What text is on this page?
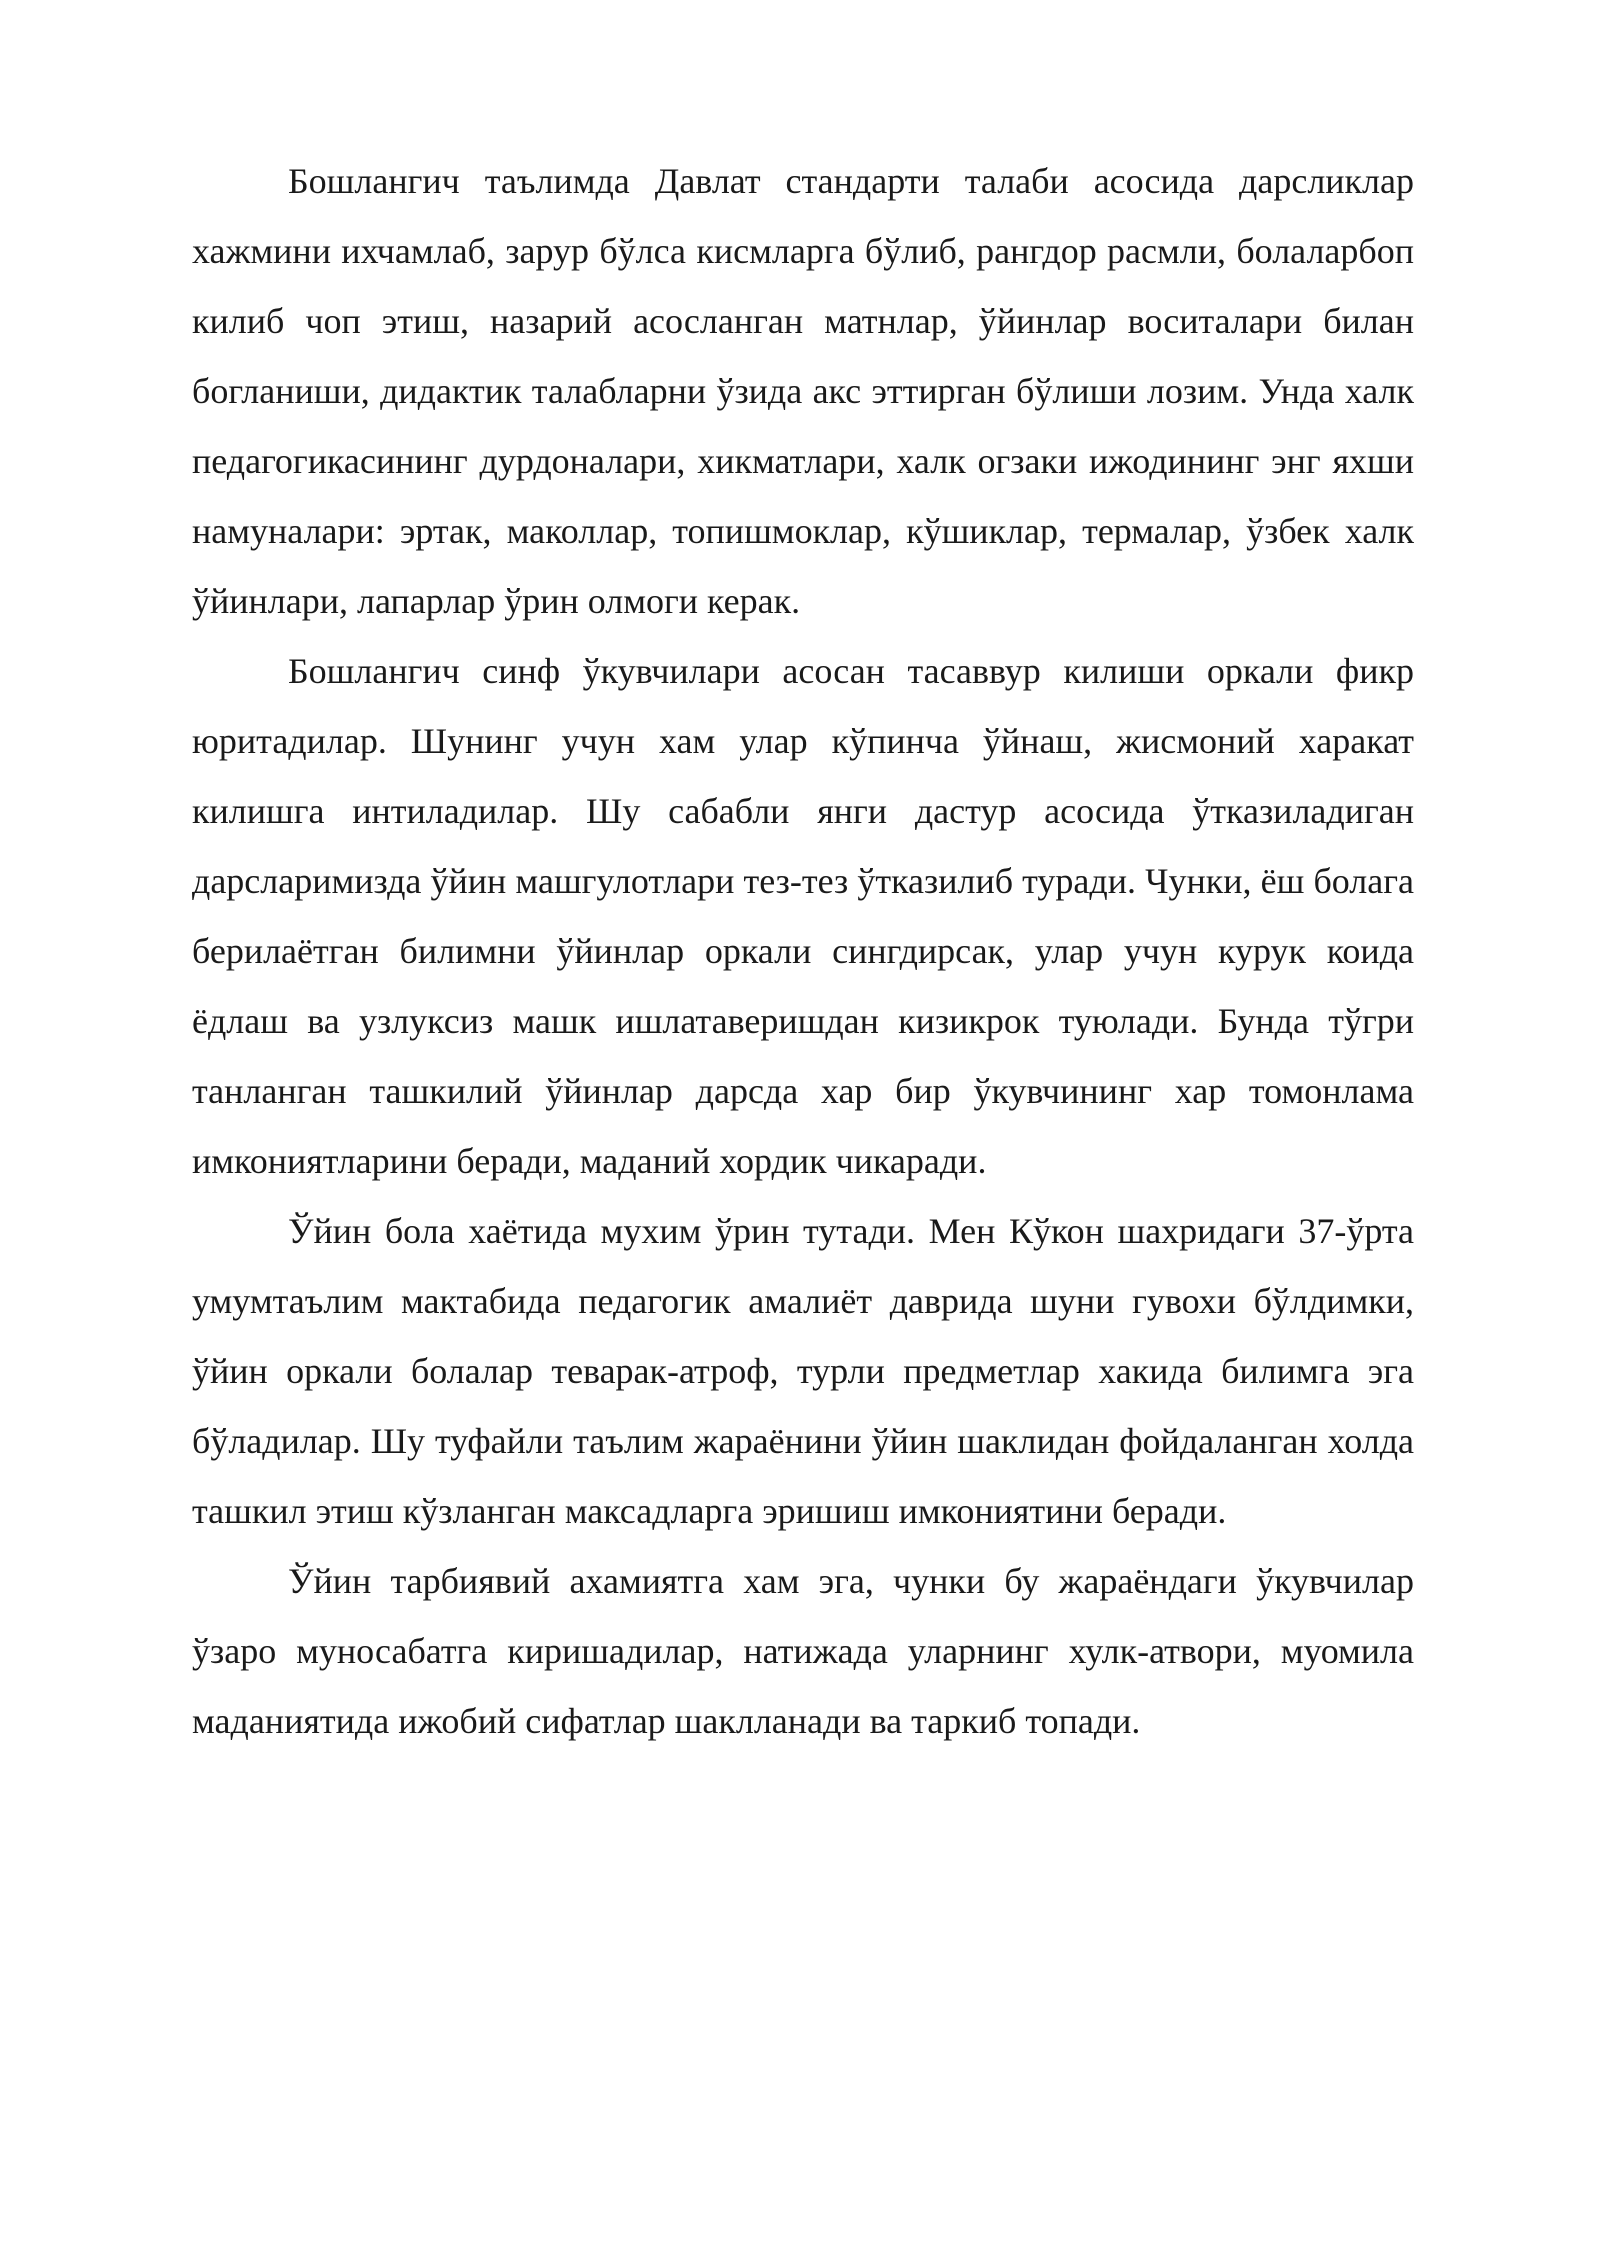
Бошлангич таълимда Давлат стандарти талаби асосида дарсликлар хажмини ихчамлаб, зарур бўлса кисмларга бўлиб, рангдор расмли, болаларбоп килиб чоп этиш, назарий асосланган матнлар, ўйинлар воситалари билан богланиши, дидактик талабларни ўзида акс эттирган бўлиши лозим. Унда халк педагогикасининг дурдоналари, хикматлари, халк огзаки ижодининг энг яхши намуналари: эртак, маколлар, топишмоклар, кўшиклар, термалар, ўзбек халк ўйинлари, лапарлар ўрин олмоги керак.

Бошлангич синф ўкувчилари асосан тасаввур килиши оркали фикр юритадилар. Шунинг учун хам улар кўпинча ўйнаш, жисмоний харакат килишга интиладилар. Шу сабабли янги дастур асосида ўтказиладиган дарсларимизда ўйин машгулотлари тез-тез ўтказилиб туради. Чунки, ёш болага берилаётган билимни ўйинлар оркали сингдирсак, улар учун курук коида ёдлаш ва узлуксиз машк ишлатаверишдан кизикрок туюлади. Бунда тўгри танланган ташкилий ўйинлар дарсда хар бир ўкувчининг хар томонлама имкониятларини беради, маданий хордик чикаради.

Ўйин бола хаётида мухим ўрин тутади. Мен Кўкон шахридаги 37-ўрта умумтаълим мактабида педагогик амалиёт даврида шуни гувохи бўлдимки, ўйин оркали болалар теварак-атроф, турли предметлар хакида билимга эга бўладилар. Шу туфайли таълим жараёнини ўйин шаклидан фойдаланган холда ташкил этиш кўзланган максадларга эришиш имкониятини беради.

Ўйин тарбиявий ахамиятга хам эга, чунки бу жараёндаги ўкувчилар ўзаро муносабатга киришадилар, натижада уларнинг хулк-атвори, муомила маданиятида ижобий сифатлар шаклланади ва таркиб топади.
